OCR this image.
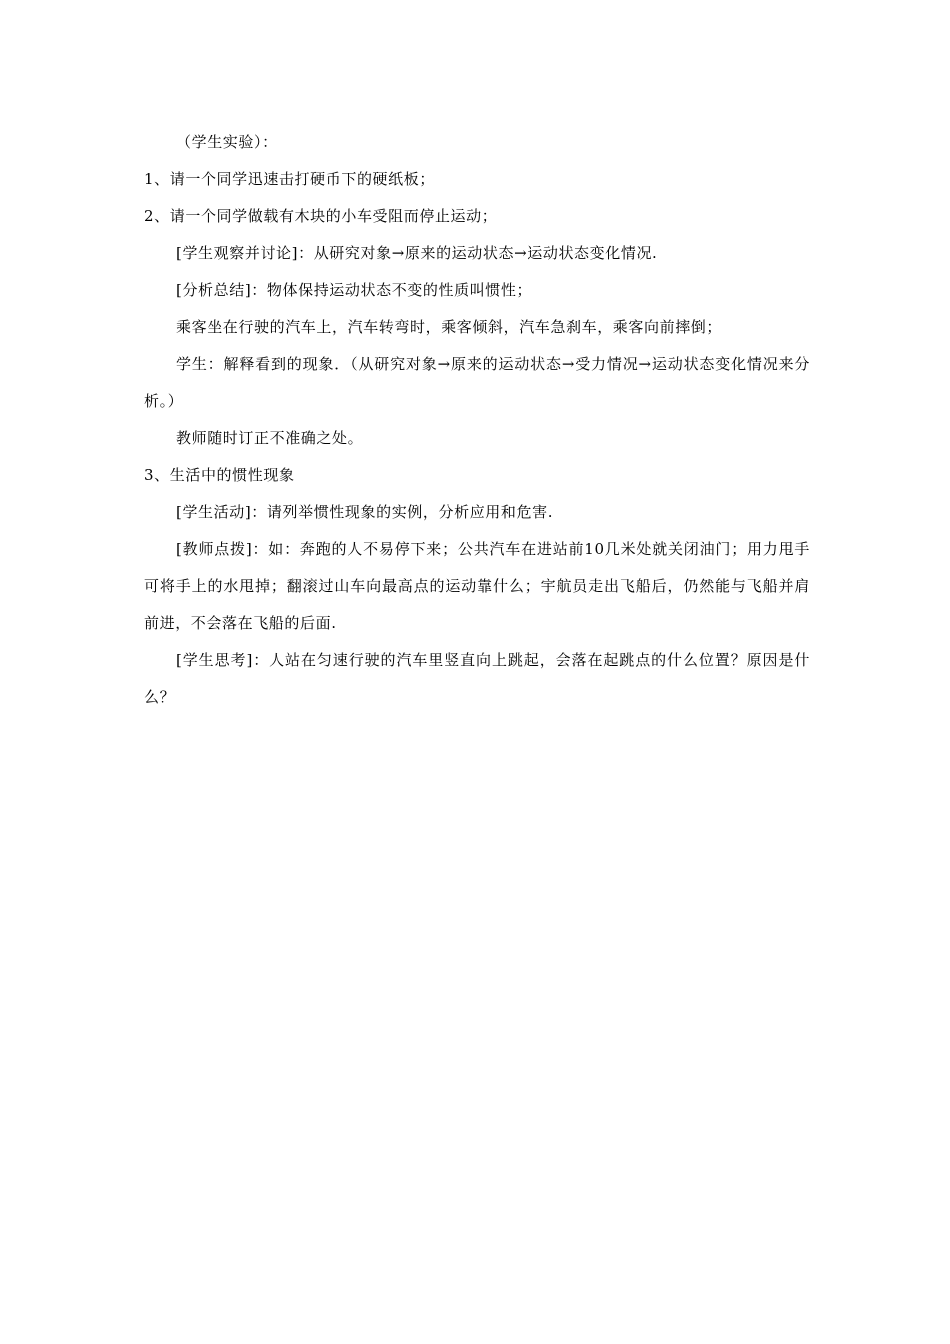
（学生实验）：

1、请一个同学迅速击打硬币下的硬纸板；

2、请一个同学做载有木块的小车受阻而停止运动；

[学生观察并讨论]：从研究对象→原来的运动状态→运动状态变化情况.

[分析总结]：物体保持运动状态不变的性质叫惯性；

乘客坐在行驶的汽车上，汽车转弯时，乘客倾斜，汽车急刹车，乘客向前摔倒；

学生：解释看到的现象．（从研究对象→原来的运动状态→受力情况→运动状态变化情况来分析。）

教师随时订正不准确之处。

3、生活中的惯性现象

[学生活动]：请列举惯性现象的实例，分析应用和危害.

[教师点拨]：如：奔跑的人不易停下来；公共汽车在进站前10几米处就关闭油门；用力甩手可将手上的水甩掉；翻滚过山车向最高点的运动靠什么；宇航员走出飞船后，仍然能与飞船并肩前进，不会落在飞船的后面.

[学生思考]：人站在匀速行驶的汽车里竖直向上跳起，会落在起跳点的什么位置？原因是什么？
